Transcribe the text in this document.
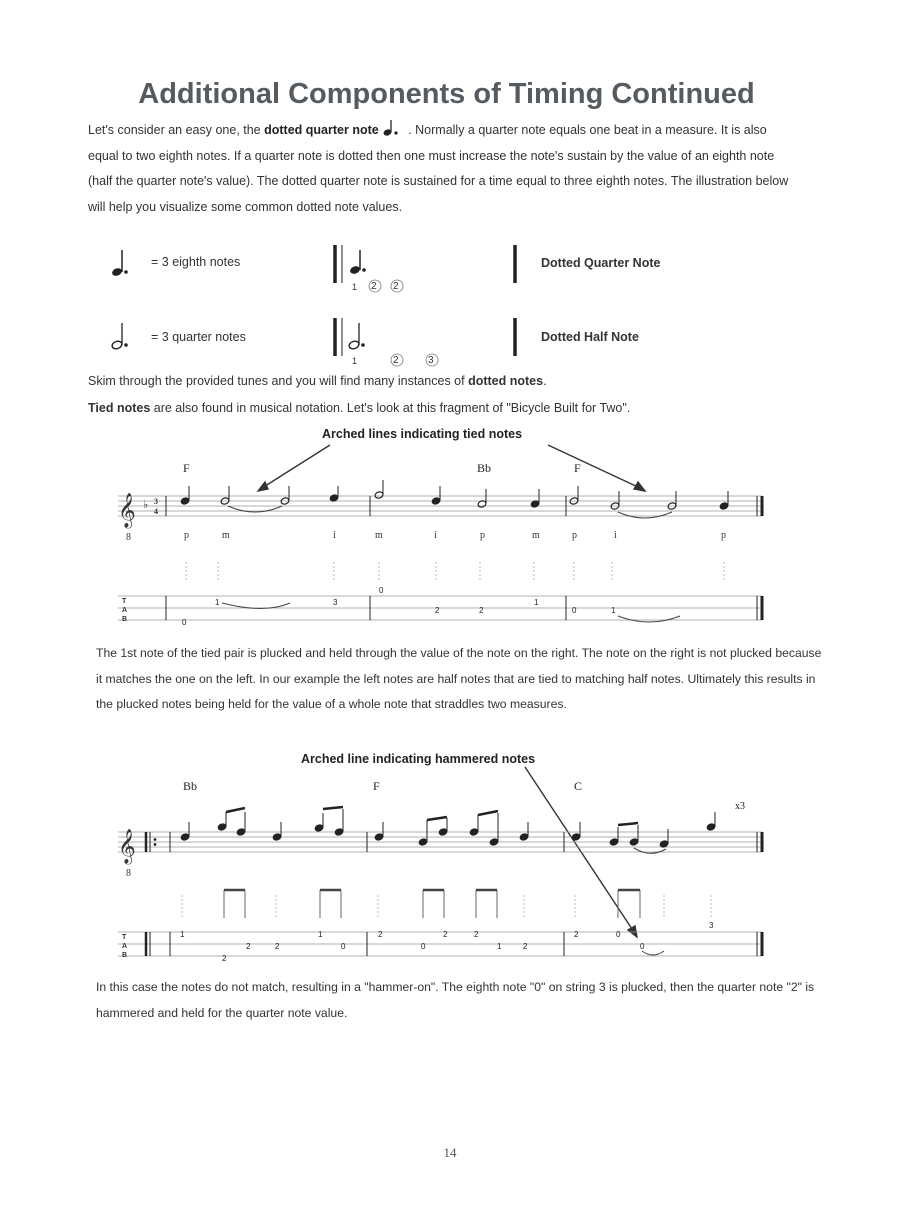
Additional Components of Timing Continued
Let's consider an easy one, the dotted quarter note
. Normally a quarter note equals one beat in a measure. It is also equal to two eighth notes. If a quarter note is dotted then one must increase the note's sustain by the value of an eighth note (half the quarter note's value). The dotted quarter note is sustained for a time equal to three eighth notes. The illustration below will help you visualize some common dotted note values.
= 3 eighth notes	Dotted Quarter Note
1 2 2
= 3 quarter notes	Dotted Half Note
1	2	3
Skim through the provided tunes and you will find many instances of dotted notes.
Tied notes are also found in musical notation. Let's look at this fragment of "Bicycle Built for Two".
Arched lines indicating tied notes
F	Bb	F
The 1st note of the tied pair is plucked and held through the value of the note on the right. The note on the right is not plucked because it matches the one on the left. In our example the left notes are half notes that are tied to matching half notes. Ultimately this results in the plucked notes being held for the value of a whole note that straddles two measures.
Arched line indicating hammered notes
Bb	F	C
x3
In this case the notes do not match, resulting in a "hammer-on". The eighth note "0" on string 3 is plucked, then the quarter note "2" is hammered and held for the quarter note value.
14
𝄞
8
♭ 3
4
p	m	i	m	i	p	m	p	i	p
T
A
B	0
1	3
0
2
1
2	0	1
𝄞
8
T
A
B
1
2
2	2
1
0
2
0
2	2
1	2
2	0
0
3
